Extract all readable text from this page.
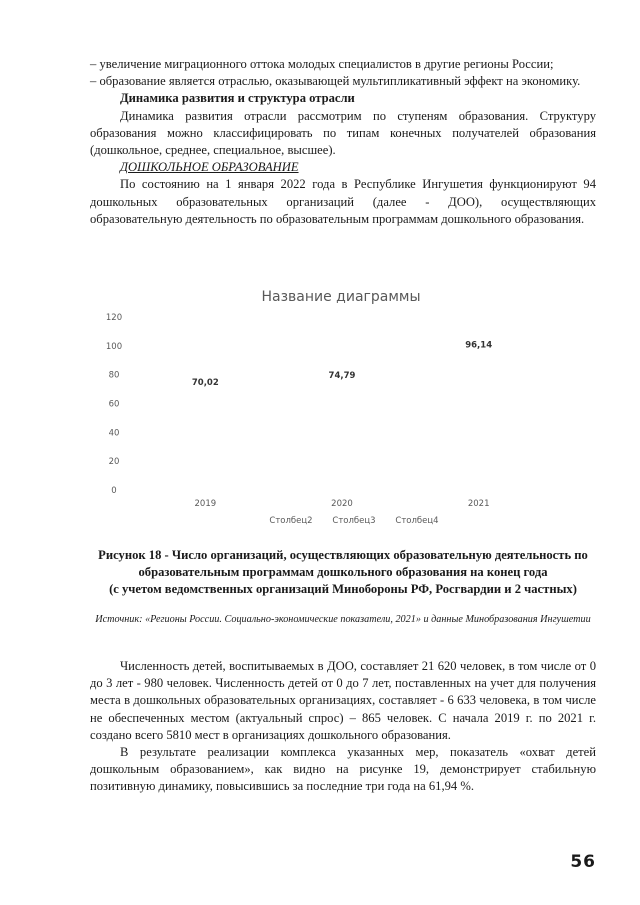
– увеличение миграционного оттока молодых специалистов в другие регионы России;

– образование является отраслью, оказывающей мультипликативный эффект на экономику.

Динамика развития и структура отрасли

Динамика развития отрасли рассмотрим по ступеням образования. Структуру образования можно классифицировать по типам конечных получателей образования (дошкольное, среднее, специальное, высшее).

ДОШКОЛЬНОЕ ОБРАЗОВАНИЕ

По состоянию на 1 января 2022 года в Республике Ингушетия функционируют 94 дошкольных образовательных организаций (далее - ДОО), осуществляющих образовательную деятельность по образовательным программам дошкольного образования.

Название диаграммы
0
20
40
60
80
100
120
70,02
74,79
96,14
2019	2020	2021
Столбец2 Столбец3 Столбец4
Рисунок 18 - Число организаций, осуществляющих образовательную деятельность по образовательным программам дошкольного образования на конец года
(с учетом ведомственных организаций Минобороны РФ, Росгвардии и 2 частных)
Источник: «Регионы России. Социально-экономические показатели, 2021» и данные Минобразования Ингушетии

Численность детей, воспитываемых в ДОО, составляет 21 620 человек, в том числе от 0 до 3 лет - 980 человек. Численность детей от 0 до 7 лет, поставленных на учет для получения места в дошкольных образовательных организациях, составляет - 6 633 человека, в том числе не обеспеченных местом (актуальный спрос) – 865 человек. С начала 2019 г. по 2021 г. создано всего 5810 мест в организациях дошкольного образования.

В результате реализации комплекса указанных мер, показатель «охват детей дошкольным образованием», как видно на рисунке 19, демонстрирует стабильную позитивную динамику, повысившись за последние три года на 61,94 %.

56
